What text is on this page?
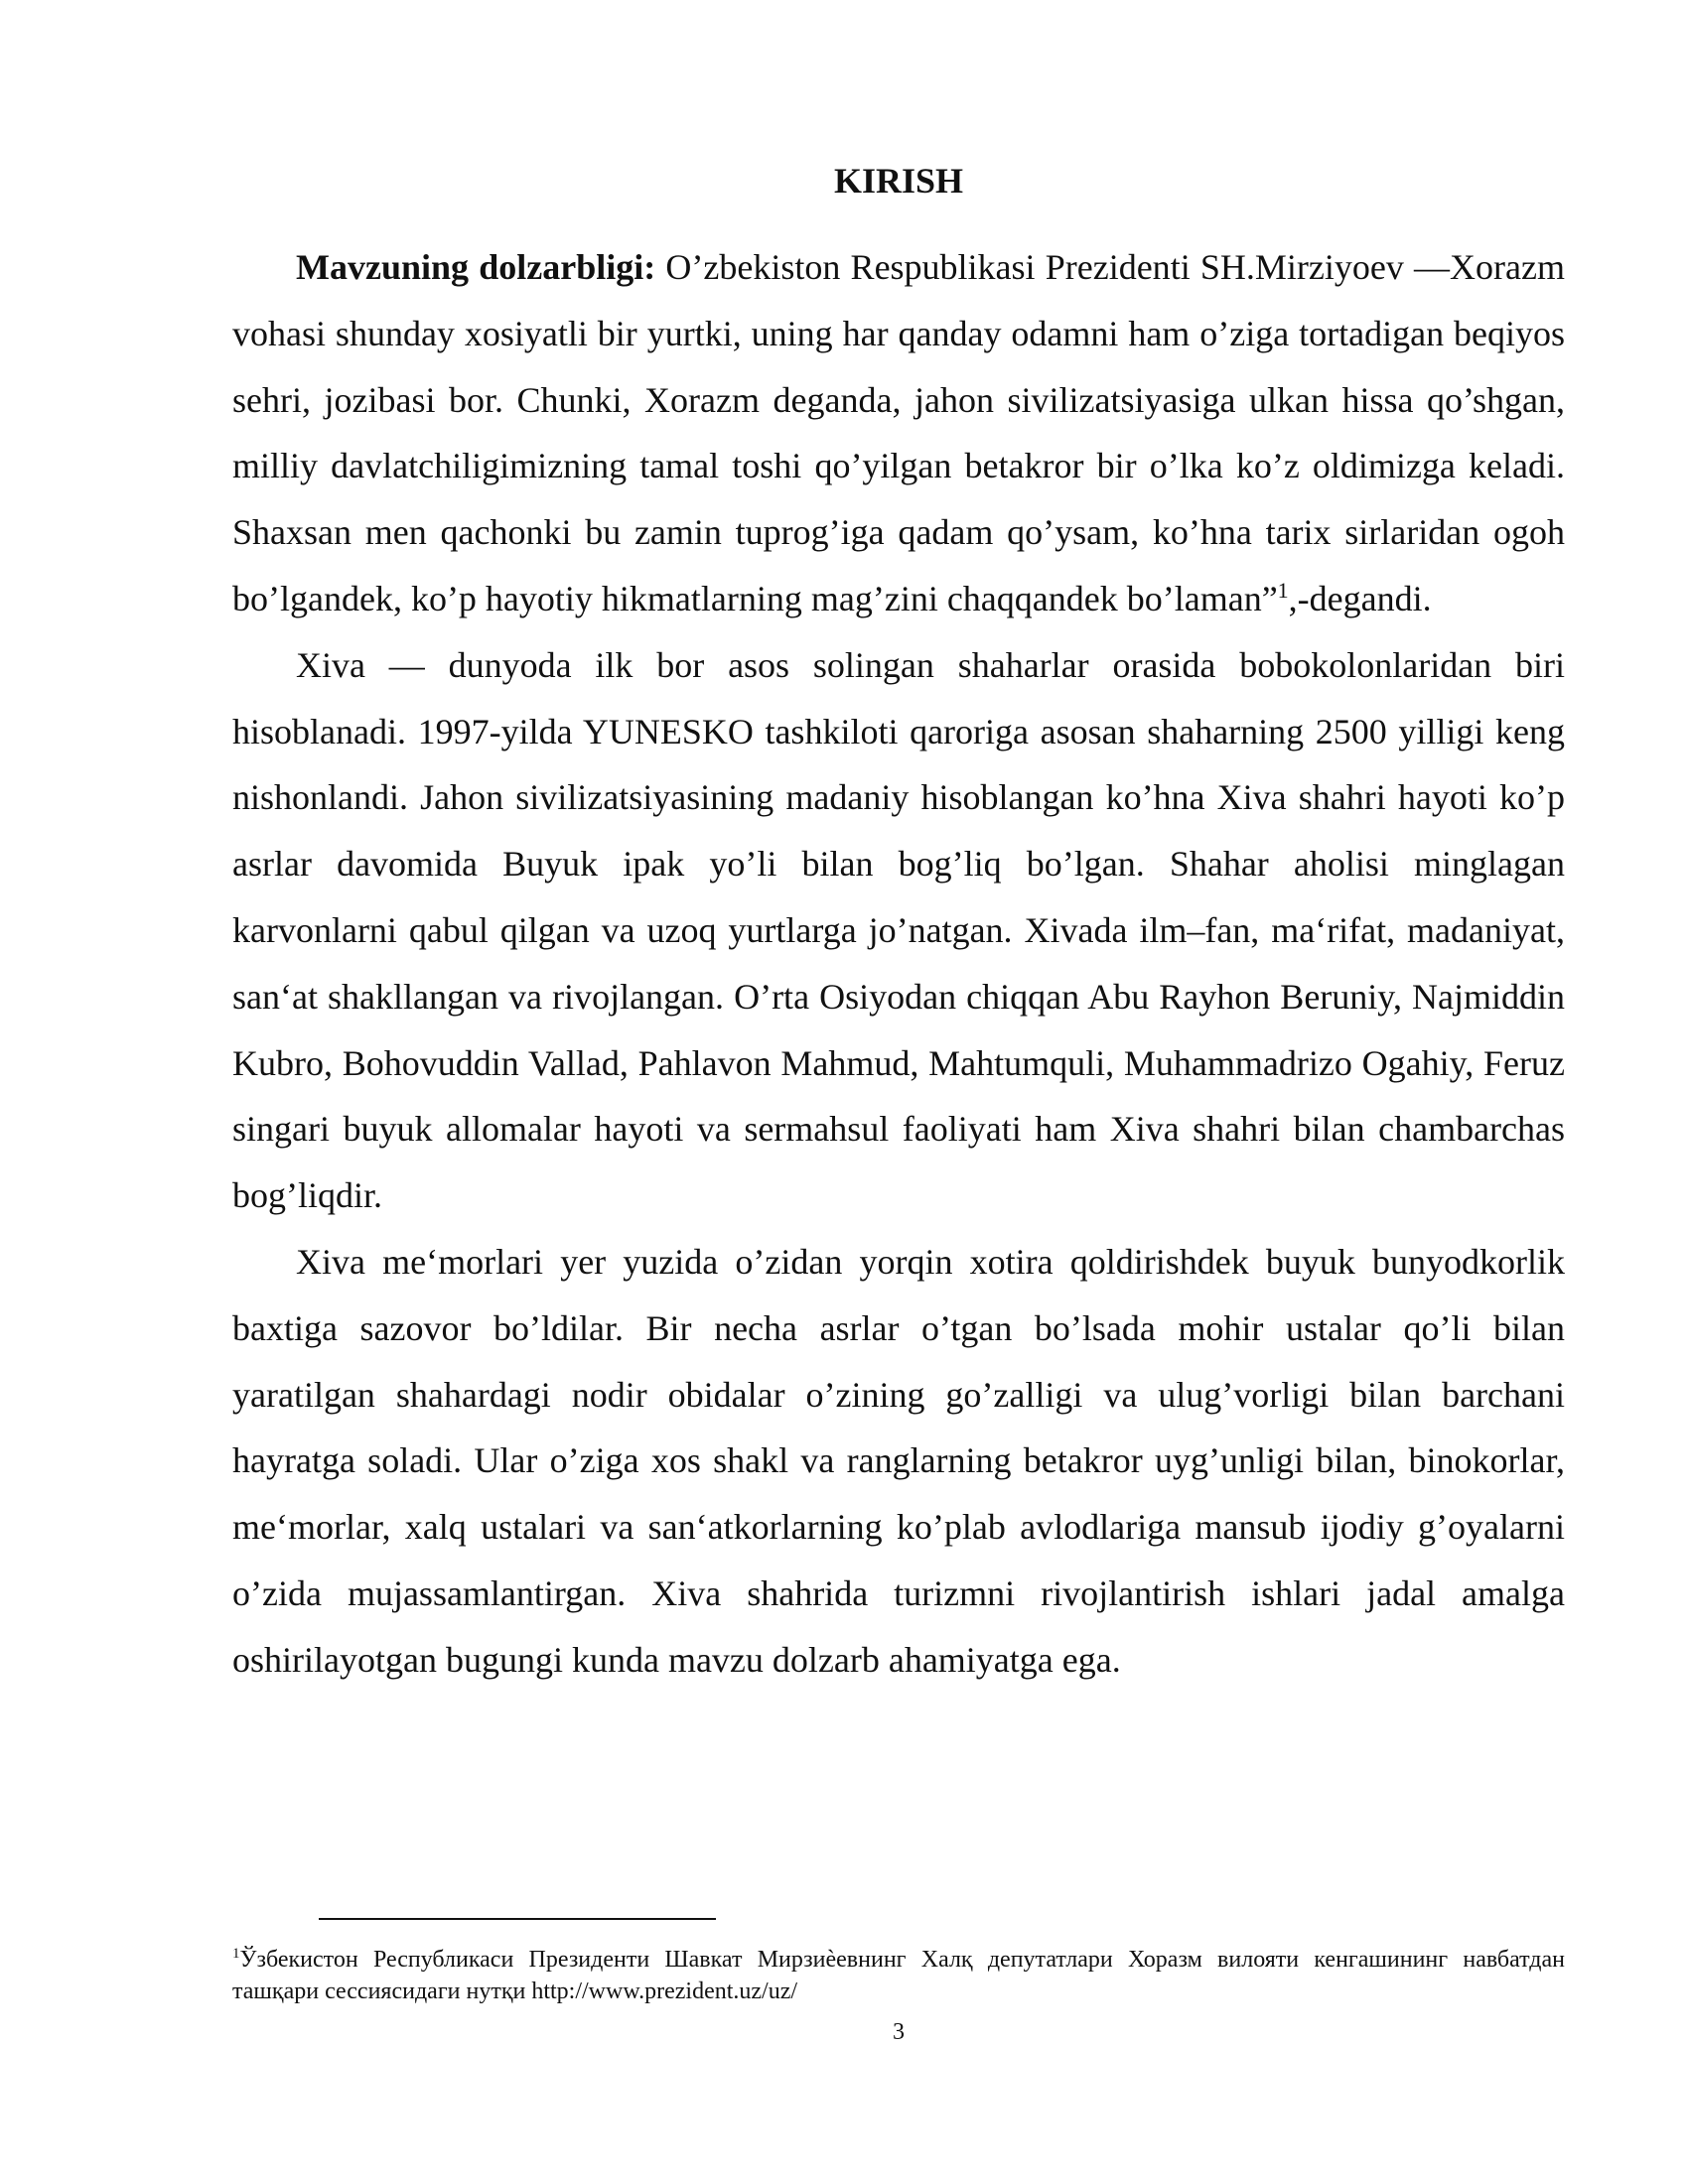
KIRISH

Mavzuning dolzarbligi: O’zbekiston Respublikasi Prezidenti SH.Mirziyoev ―Xorazm vohasi shunday xosiyatli bir yurtki, uning har qanday odamni ham o’ziga tortadigan beqiyos sehri, jozibasi bor. Chunki, Xorazm deganda, jahon sivilizatsiyasiga ulkan hissa qo’shgan, milliy davlatchiligimizning tamal toshi qo’yilgan betakror bir o’lka ko’z oldimizga keladi. Shaxsan men qachonki bu zamin tuprog’iga qadam qo’ysam, ko’hna tarix sirlaridan ogoh bo’lgandek, ko’p hayotiy hikmatlarning mag’zini chaqqandek bo’laman”$^1$,-degandi.

Xiva — dunyoda ilk bor asos solingan shaharlar orasida bobokolonlaridan biri hisoblanadi. 1997-yilda YUNESKO tashkiloti qaroriga asosan shaharning 2500 yilligi keng nishonlandi. Jahon sivilizatsiyasining madaniy hisoblangan ko’hna Xiva shahri hayoti ko’p asrlar davomida Buyuk ipak yo’li bilan bog’liq bo’lgan. Shahar aholisi minglagan karvonlarni qabul qilgan va uzoq yurtlarga jo’natgan. Xivada ilm–fan, ma‘rifat, madaniyat, san‘at shakllangan va rivojlangan. O’rta Osiyodan chiqqan Abu Rayhon Beruniy, Najmiddin Kubro, Bohovuddin Vallad, Pahlavon Mahmud, Mahtumquli, Muhammadrizo Ogahiy, Feruz singari buyuk allomalar hayoti va sermahsul faoliyati ham Xiva shahri bilan chambarchas bog’liqdir.

Xiva me‘morlari yer yuzida o’zidan yorqin xotira qoldirishdek buyuk bunyodkorlik baxtiga sazovor bo’ldilar. Bir necha asrlar o’tgan bo’lsada mohir ustalar qo’li bilan yaratilgan shahardagi nodir obidalar o’zining go’zalligi va ulug’vorligi bilan barchani hayratga soladi. Ular o’ziga xos shakl va ranglarning betakror uyg’unligi bilan, binokorlar, me‘morlar, xalq ustalari va san‘atkorlarning ko’plab avlodlariga mansub ijodiy g’oyalarni o’zida mujassamlantirgan. Xiva shahrida turizmni rivojlantirish ishlari jadal amalga oshirilayotgan bugungi kunda mavzu dolzarb ahamiyatga ega.

$^1$Ўзбекистон Республикаси Президенти Шавкат Мирзиѐевнинг Халқ депутатлари Хоразм вилояти кенгашининг навбатдан ташқари сессиясидаги нутқи http://www.prezident.uz/uz/

3
